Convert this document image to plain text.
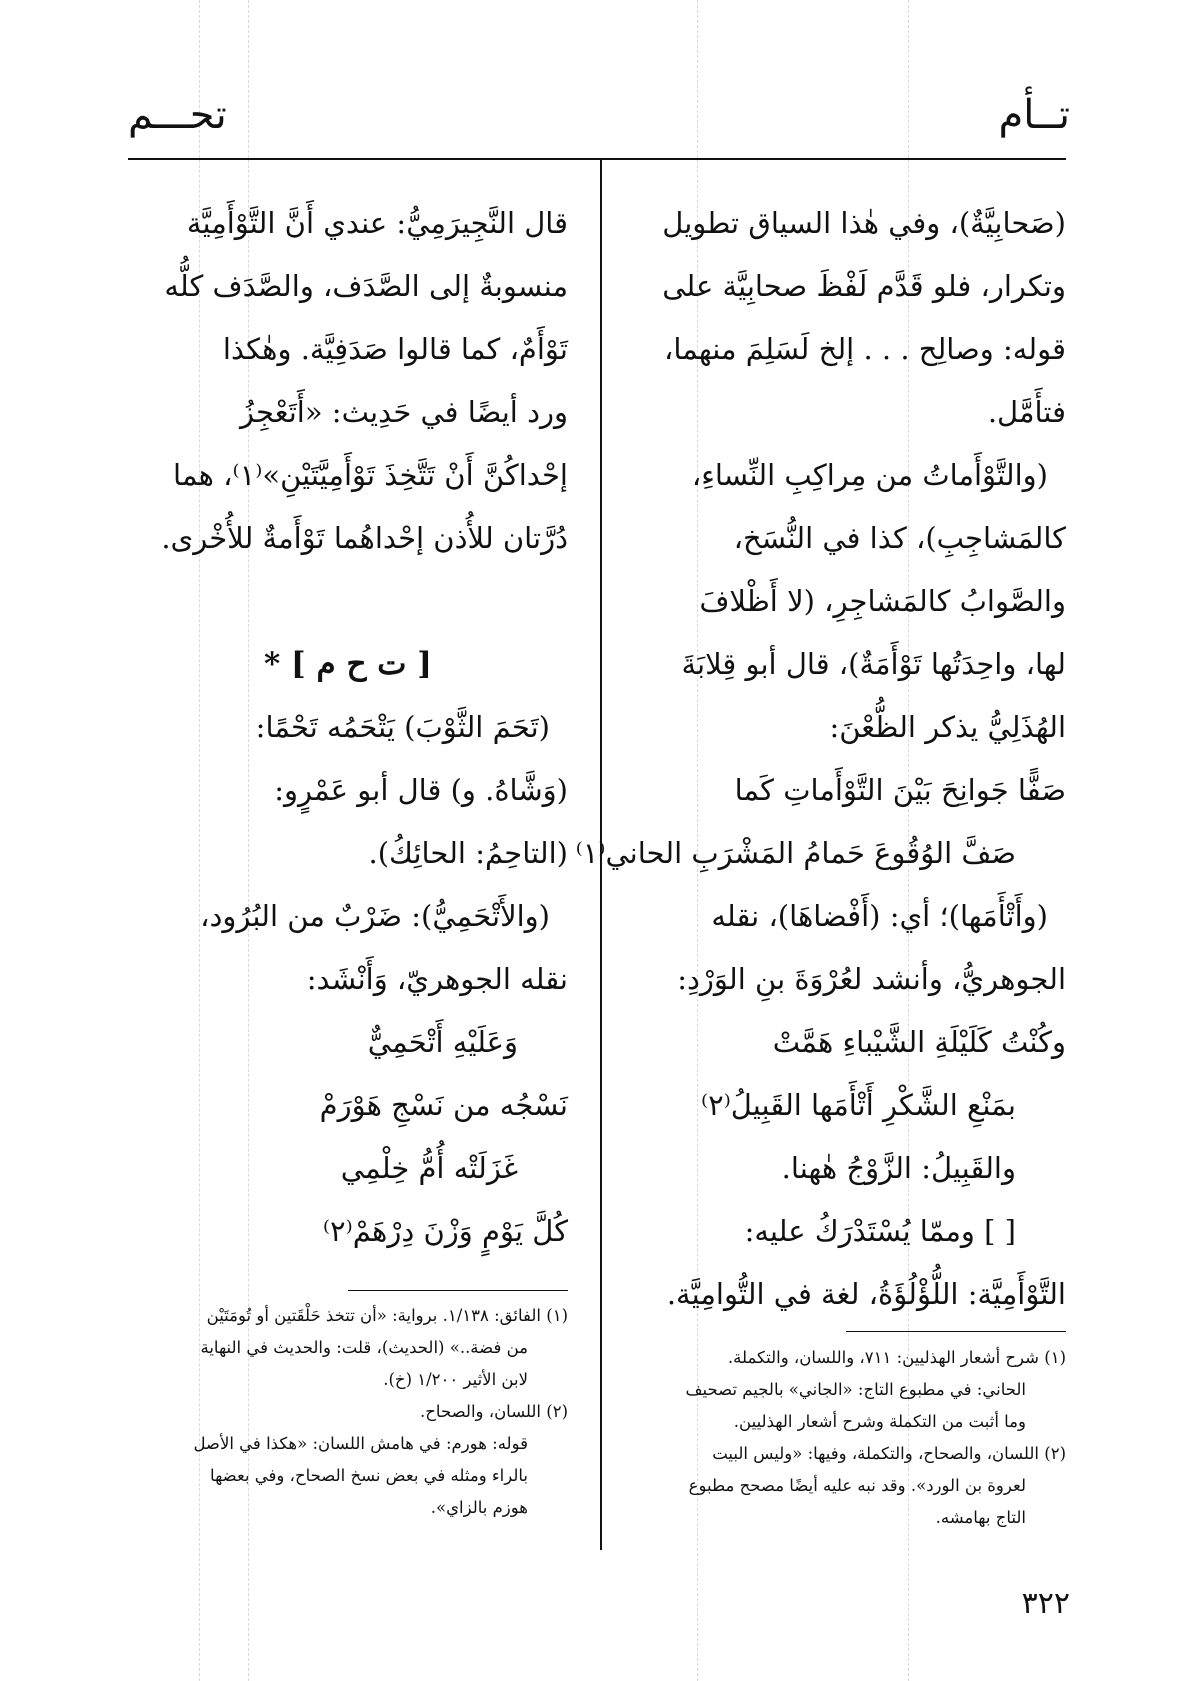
تــأم
تحـــم
(صَحابِيَّةٌ)، وفي هٰذا السياق تطويل
وتكرار، فلو قَدَّم لَفْظَ صحابِيَّة على
قوله: وصالِح . . . إلخ لَسَلِمَ منهما،
فتأَمَّل.
(والتَّوْأَماتُ من مِراكِبِ النِّساءِ،
كالمَشاجِبِ)، كذا في النُّسَخ،
والصَّوابُ كالمَشاجِرِ، (لا أَظْلافَ
لها، واحِدَتُها تَوْأَمَةٌ)، قال أبو قِلابَةَ
الهُذَلِيُّ يذكر الظُّعْنَ:
صَفًّا جَوانِحَ بَيْنَ التَّوْأَماتِ كَما
صَفَّ الوُقُوعَ حَمامُ المَشْرَبِ الحاني⁽١⁾
(وأَتْأَمَها)؛ أي: (أَفْضاهَا)، نقله
الجوهريُّ، وأنشد لعُرْوَةَ بنِ الوَرْدِ:
وكُنْتُ كَلَيْلَةِ الشَّيْباءِ هَمَّتْ
بمَنْعِ الشَّكْرِ أَتْأَمَها القَبِيلُ⁽٢⁾
والقَبِيلُ: الزَّوْجُ هٰهنا.
[ ] وممّا يُسْتَدْرَكُ عليه:
التَّوْأَمِيَّة: اللُّؤْلُؤَةُ، لغة في التُّوامِيَّة.
قال النَّجِيرَمِيُّ: عندي أَنَّ التَّوْأَمِيَّة
منسوبةٌ إلى الصَّدَف، والصَّدَف كلُّه
تَوْأَمٌ، كما قالوا صَدَفِيَّة. وهٰكذا
ورد أيضًا في حَدِيث: «أَتَعْجِزُ
إحْداكُنَّ أَنْ تَتَّخِذَ تَوْأَمِيَّتَيْنِ»⁽١⁾، هما
دُرَّتان للأُذن إحْداهُما تَوْأَمةٌ للأُخْرى.
[ ت ح م ] *
(تَحَمَ الثَّوْبَ) يَتْحَمُه تَحْمًا:
(وَشَّاهُ. و) قال أبو عَمْرٍو:
(التاحِمُ: الحائِكُ).
(والأَتْحَمِيُّ): ضَرْبٌ من البُرُود،
نقله الجوهريّ، وَأَنْشَد:
وَعَلَيْهِ أَتْحَمِيٌّ
نَسْجُه من نَسْجِ هَوْرَمْ
غَزَلَتْه أُمُّ خِلْمِي
كُلَّ يَوْمٍ وَزْنَ دِرْهَمْ⁽٢⁾
(١) شرح أشعار الهذليين: ٧١١، واللسان، والتكملة.
الحاني: في مطبوع التاج: «الجاني» بالجيم تصحيف
وما أثبت من التكملة وشرح أشعار الهذليين.
(٢) اللسان، والصحاح، والتكملة، وفيها: «وليس البيت
لعروة بن الورد». وقد نبه عليه أيضًا مصحح مطبوع
التاج بهامشه.
(١) الفائق: ١/١٣٨. برواية: «أن تتخذ حَلْقَتين أو تُومَتَيْن
من فضة..» (الحديث)، قلت: والحديث في النهاية
لابن الأثير ١/٢٠٠ (خ).
(٢) اللسان، والصحاح.
قوله: هورم: في هامش اللسان: «هكذا في الأصل
بالراء ومثله في بعض نسخ الصحاح، وفي بعضها
هوزم بالزاي».
٣٢٢
